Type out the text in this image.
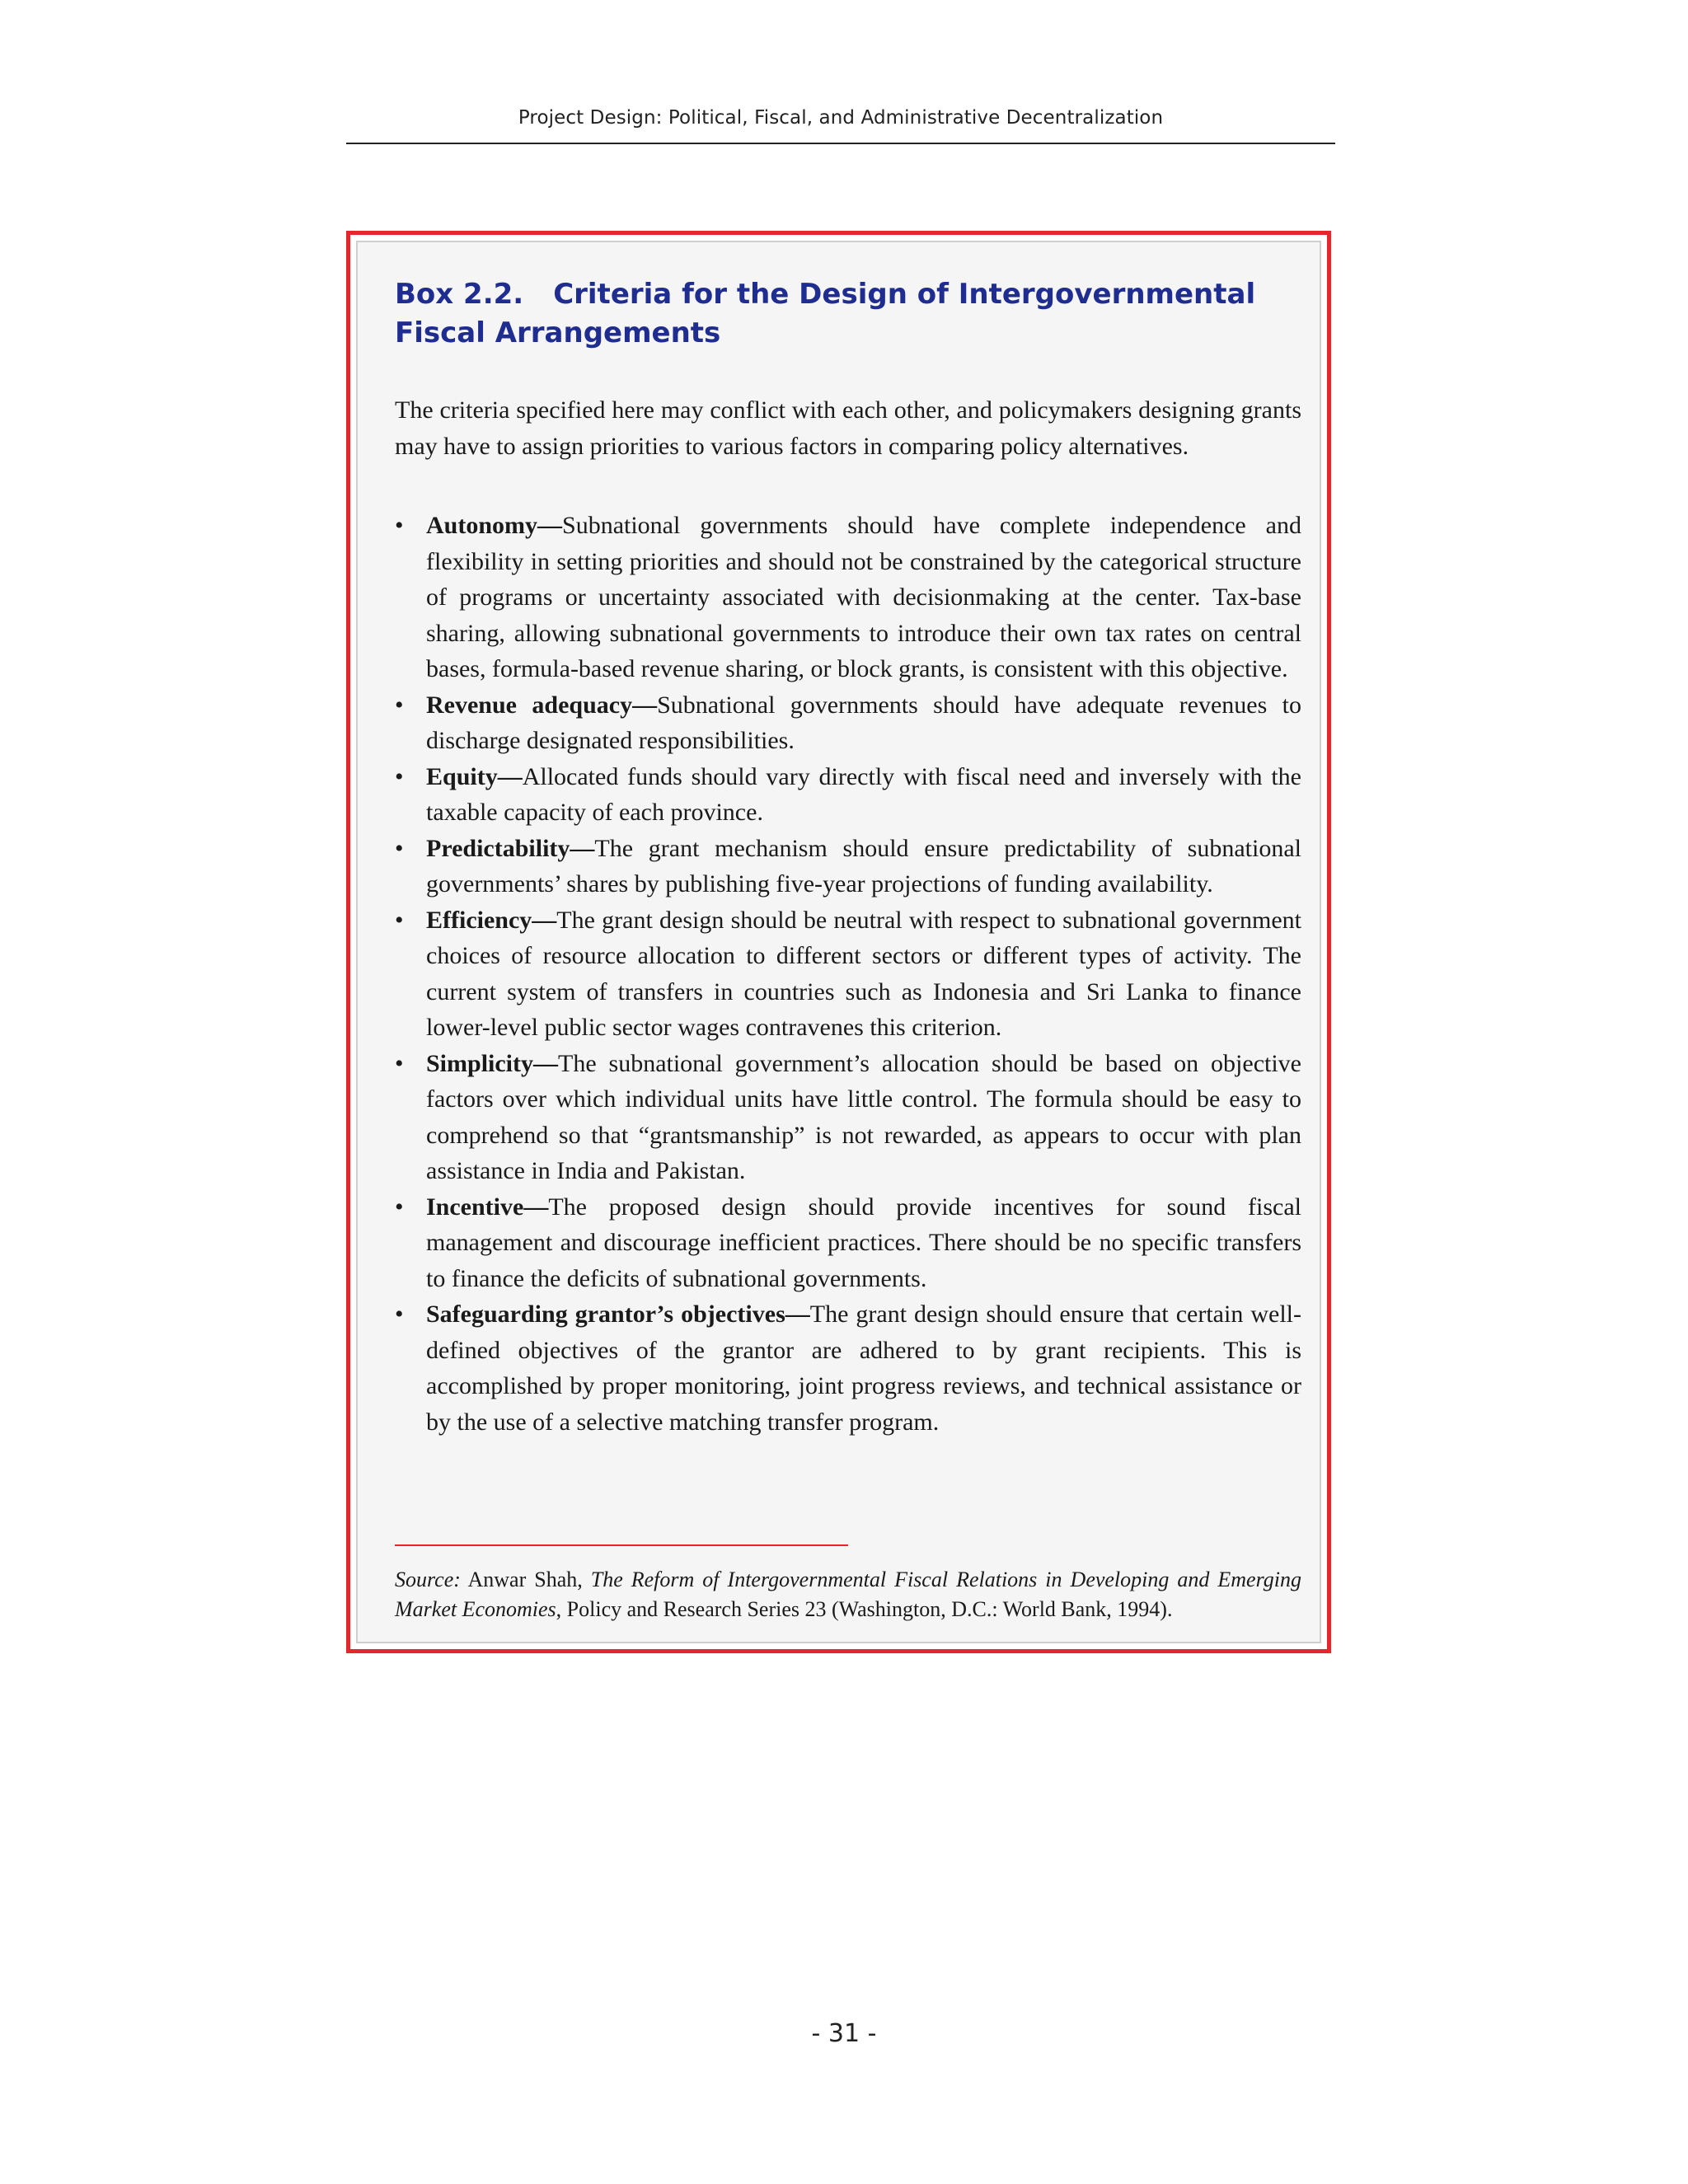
Project Design: Political, Fiscal, and Administrative Decentralization
Box 2.2. Criteria for the Design of Intergovernmental Fiscal Arrangements

The criteria specified here may conflict with each other, and policymakers designing grants may have to assign priorities to various factors in comparing policy alternatives.

• Autonomy—Subnational governments should have complete independence and flexibility in setting priorities and should not be constrained by the categorical structure of programs or uncertainty associated with decisionmaking at the center. Tax-base sharing, allowing subnational governments to introduce their own tax rates on central bases, formula-based revenue sharing, or block grants, is consistent with this objective.
• Revenue adequacy—Subnational governments should have adequate revenues to discharge designated responsibilities.
• Equity—Allocated funds should vary directly with fiscal need and inversely with the taxable capacity of each province.
• Predictability—The grant mechanism should ensure predictability of subnational governments’ shares by publishing five-year projections of funding availability.
• Efficiency—The grant design should be neutral with respect to subnational government choices of resource allocation to different sectors or different types of activity. The current system of transfers in countries such as Indonesia and Sri Lanka to finance lower-level public sector wages contravenes this criterion.
• Simplicity—The subnational government’s allocation should be based on objective factors over which individual units have little control. The formula should be easy to comprehend so that “grantsmanship” is not rewarded, as appears to occur with plan assistance in India and Pakistan.
• Incentive—The proposed design should provide incentives for sound fiscal management and discourage inefficient practices. There should be no specific transfers to finance the deficits of subnational governments.
• Safeguarding grantor’s objectives—The grant design should ensure that certain well-defined objectives of the grantor are adhered to by grant recipients. This is accomplished by proper monitoring, joint progress reviews, and technical assistance or by the use of a selective matching transfer program.

Source: Anwar Shah, The Reform of Intergovernmental Fiscal Relations in Developing and Emerging Market Economies, Policy and Research Series 23 (Washington, D.C.: World Bank, 1994).

- 31 -
